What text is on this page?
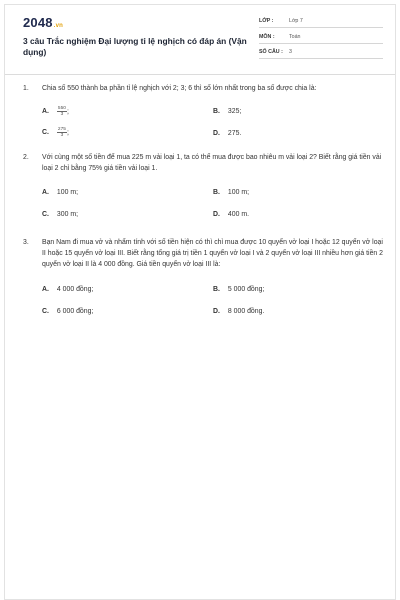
2048.vn
3 câu Trắc nghiệm Đại lượng tỉ lệ nghịch có đáp án (Vận dụng)
LỚP :	Lớp 7
MÔN :	Toán
SỐ CÂU : 3
1.	Chia số 550 thành ba phần tỉ lệ nghịch với 2; 3; 6 thì số lớn nhất trong ba số được chia là:
A. $\frac{550}{3}$ ;	B. 325;
C. $\frac{275}{3}$ ;	D. 275.
2.	Với cùng một số tiền để mua 225 m vải loại 1, ta có thể mua được bao nhiêu m vải loại 2? Biết rằng giá tiền vải loại 2 chỉ bằng 75% giá tiền vải loại 1.
A. 100 m;	B. 100 m;
C. 300 m;	D. 400 m.
3.	Bạn Nam đi mua vở và nhẩm tính với số tiền hiện có thì chỉ mua được 10 quyển vở loại I hoặc 12 quyển vở loại II hoặc 15 quyển vở loại III. Biết rằng tổng giá trị tiền 1 quyển vở loại I và 2 quyển vở loại III nhiều hơn giá tiền 2 quyển vở loại II là 4 000 đồng. Giá tiền quyển vở loại III là:
A. 4 000 đồng;	B. 5 000 đồng;
C. 6 000 đồng;	D. 8 000 đồng.
